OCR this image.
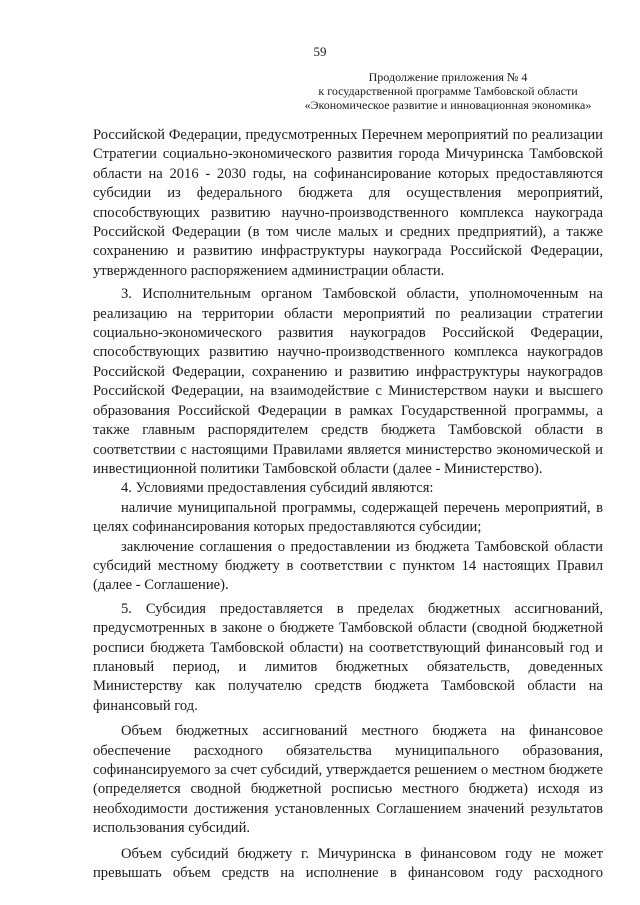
59
Продолжение приложения № 4
к государственной программе Тамбовской области
«Экономическое развитие и инновационная экономика»

Российской Федерации, предусмотренных Перечнем мероприятий по реализации Стратегии социально-экономического развития города Мичуринска Тамбовской области на 2016 - 2030 годы, на софинансирование которых предоставляются субсидии из федерального бюджета для осуществления мероприятий, способствующих развитию научно-производственного комплекса наукограда Российской Федерации (в том числе малых и средних предприятий), а также сохранению и развитию инфраструктуры наукограда Российской Федерации, утвержденного распоряжением администрации области.

3. Исполнительным органом Тамбовской области, уполномоченным на реализацию на территории области мероприятий по реализации стратегии социально-экономического развития наукоградов Российской Федерации, способствующих развитию научно-производственного комплекса наукоградов Российской Федерации, сохранению и развитию инфраструктуры наукоградов Российской Федерации, на взаимодействие с Министерством науки и высшего образования Российской Федерации в рамках Государственной программы, а также главным распорядителем средств бюджета Тамбовской области в соответствии с настоящими Правилами является министерство экономической и инвестиционной политики Тамбовской области (далее - Министерство).

4. Условиями предоставления субсидий являются:

наличие муниципальной программы, содержащей перечень мероприятий, в целях софинансирования которых предоставляются субсидии;

заключение соглашения о предоставлении из бюджета Тамбовской области субсидий местному бюджету в соответствии с пунктом 14 настоящих Правил (далее - Соглашение).

5. Субсидия предоставляется в пределах бюджетных ассигнований, предусмотренных в законе о бюджете Тамбовской области (сводной бюджетной росписи бюджета Тамбовской области) на соответствующий финансовый год и плановый период, и лимитов бюджетных обязательств, доведенных Министерству как получателю средств бюджета Тамбовской области на финансовый год.

Объем бюджетных ассигнований местного бюджета на финансовое обеспечение расходного обязательства муниципального образования, софинансируемого за счет субсидий, утверждается решением о местном бюджете (определяется сводной бюджетной росписью местного бюджета) исходя из необходимости достижения установленных Соглашением значений результатов использования субсидий.

Объем субсидий бюджету г. Мичуринска в финансовом году не может превышать объем средств на исполнение в финансовом году расходного
